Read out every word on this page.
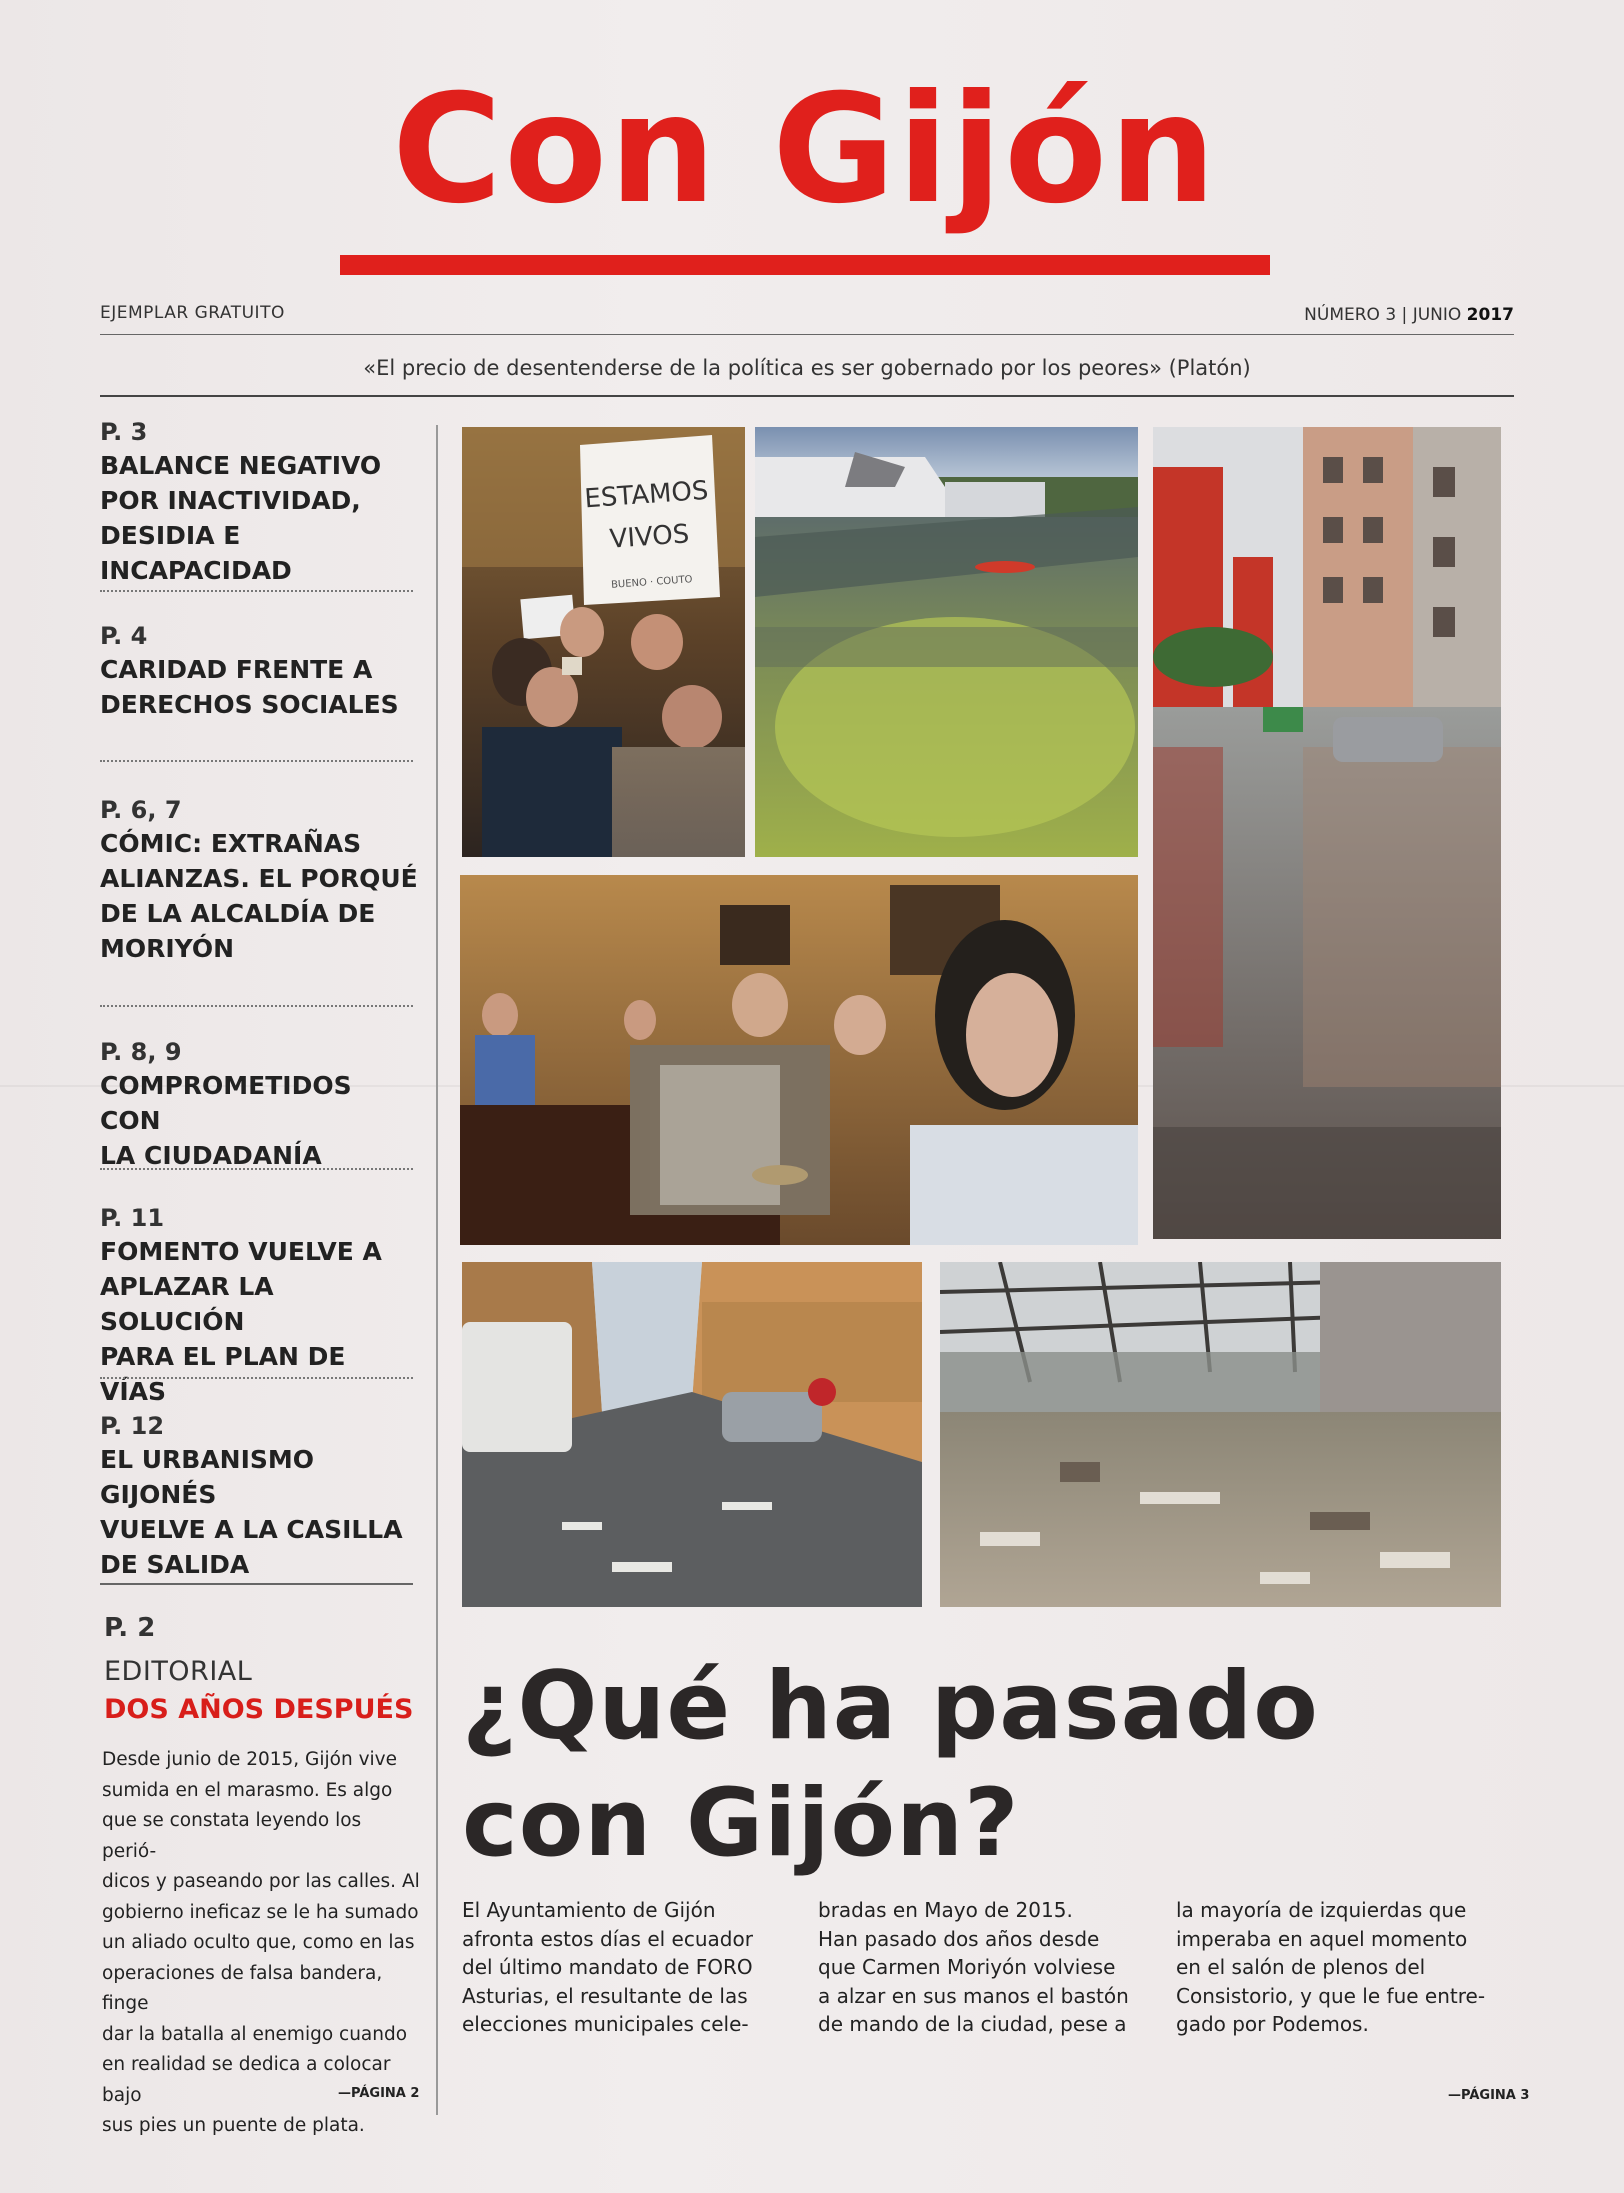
Con Gijón
EJEMPLAR GRATUITO	NÚMERO 3 | JUNIO 2017
«El precio de desentenderse de la política es ser gobernado por los peores» (Platón)
P. 3
BALANCE NEGATIVO
POR INACTIVIDAD,
DESIDIA E INCAPACIDAD
P. 4
CARIDAD FRENTE A
DERECHOS SOCIALES
P. 6, 7
CÓMIC: EXTRAÑAS
ALIANZAS. EL PORQUÉ
DE LA ALCALDÍA DE
MORIYÓN
P. 8, 9
COMPROMETIDOS CON
LA CIUDADANÍA
P. 11
FOMENTO VUELVE A
APLAZAR LA SOLUCIÓN
PARA EL PLAN DE VÍAS
P. 12
EL URBANISMO GIJONÉS
VUELVE A LA CASILLA
DE SALIDA
P. 2
EDITORIAL
DOS AÑOS DESPUÉS
Desde junio de 2015, Gijón vive
sumida en el marasmo. Es algo
que se constata leyendo los perió-
dicos y paseando por las calles. Al
gobierno ineficaz se le ha sumado
un aliado oculto que, como en las
operaciones de falsa bandera, finge
dar la batalla al enemigo cuando
en realidad se dedica a colocar bajo
sus pies un puente de plata.
—PÁGINA 2
ESTAMOS
VIVOS
BUENO · COUTO
¿Qué ha pasado
con Gijón?
El Ayuntamiento de Gijón
afronta estos días el ecuador
del último mandato de FORO
Asturias, el resultante de las
elecciones municipales cele-
bradas en Mayo de 2015.
Han pasado dos años desde
que Carmen Moriyón volviese
a alzar en sus manos el bastón
de mando de la ciudad, pese a
la mayoría de izquierdas que
imperaba en aquel momento
en el salón de plenos del
Consistorio, y que le fue entre-
gado por Podemos.
—PÁGINA 3
